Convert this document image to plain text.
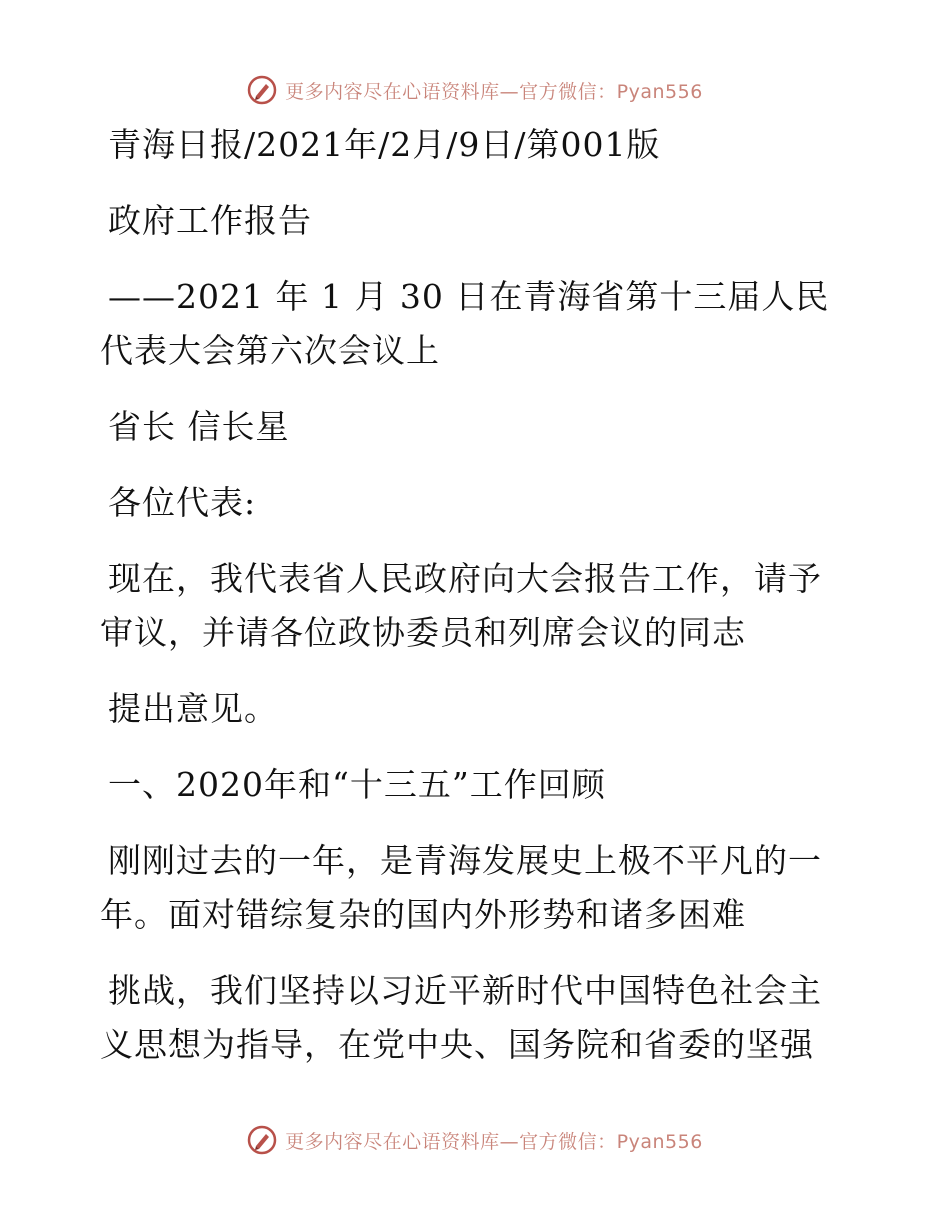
更多内容尽在心语资料库—官方微信：Pyan556
青海日报/2021年/2月/9日/第001版
政府工作报告
——2021 年 1 月 30 日在青海省第十三届人民
代表大会第六次会议上
省长 信长星
各位代表:
现在，我代表省人民政府向大会报告工作，请予
审议，并请各位政协委员和列席会议的同志
提出意见。
一、2020年和“十三五”工作回顾
刚刚过去的一年，是青海发展史上极不平凡的一
年。面对错综复杂的国内外形势和诸多困难
挑战，我们坚持以习近平新时代中国特色社会主
义思想为指导，在党中央、国务院和省委的坚强
更多内容尽在心语资料库—官方微信：Pyan556
